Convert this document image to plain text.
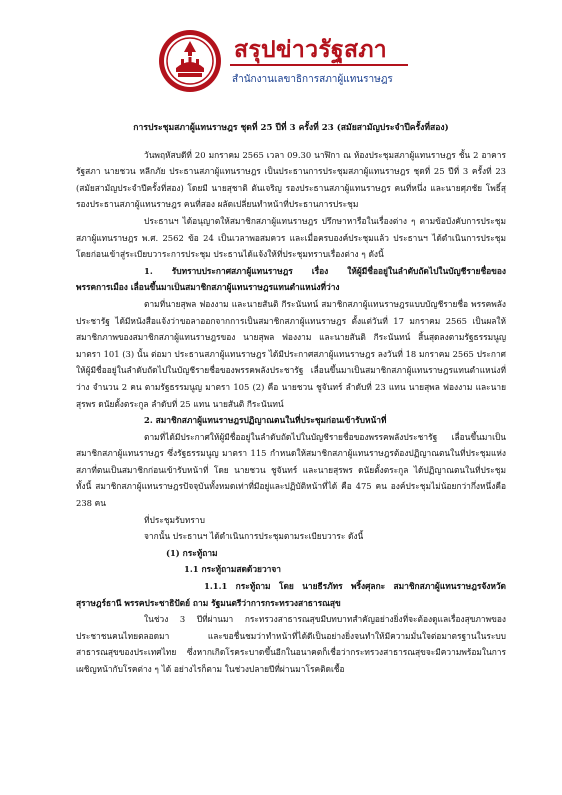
สรุปข่าวรัฐสภา
สำนักงานเลขาธิการสภาผู้แทนราษฎร
การประชุมสภาผู้แทนราษฎร ชุดที่ 25 ปีที่ 3 ครั้งที่ 23 (สมัยสามัญประจำปีครั้งที่สอง)

วันพฤหัสบดีที่ 20 มกราคม 2565 เวลา 09.30 นาฬิกา ณ ห้องประชุมสภาผู้แทนราษฎร ชั้น 2 อาคารรัฐสภา นายชวน หลีกภัย ประธานสภาผู้แทนราษฎร เป็นประธานการประชุมสภาผู้แทนราษฎร ชุดที่ 25 ปีที่ 3 ครั้งที่ 23 (สมัยสามัญประจำปีครั้งที่สอง) โดยมี นายสุชาติ ตันเจริญ รองประธานสภาผู้แทนราษฎร คนที่หนึ่ง และนายศุภชัย โพธิ์สุ รองประธานสภาผู้แทนราษฎร คนที่สอง ผลัดเปลี่ยนทำหน้าที่ประธานการประชุม

ประธานฯ ได้อนุญาตให้สมาชิกสภาผู้แทนราษฎร ปรึกษาหารือในเรื่องต่าง ๆ ตามข้อบังคับการประชุมสภาผู้แทนราษฎร พ.ศ. 2562 ข้อ 24 เป็นเวลาพอสมควร และเมื่อครบองค์ประชุมแล้ว ประธานฯ ได้ดำเนินการประชุม โดยก่อนเข้าสู่ระเบียบวาระการประชุม ประธานได้แจ้งให้ที่ประชุมทราบเรื่องต่าง ๆ ดังนี้

1. รับทราบประกาศสภาผู้แทนราษฎร เรื่อง ให้ผู้มีชื่ออยู่ในลำดับถัดไปในบัญชีรายชื่อของพรรคการเมือง เลื่อนขึ้นมาเป็นสมาชิกสภาผู้แทนราษฎรแทนตำแหน่งที่ว่าง

ตามที่นายสุพล ฟองงาม และนายสันติ กีระนันทน์ สมาชิกสภาผู้แทนราษฎรแบบบัญชีรายชื่อ พรรคพลังประชารัฐ ได้มีหนังสือแจ้งว่าขอลาออกจากการเป็นสมาชิกสภาผู้แทนราษฎร ตั้งแต่วันที่ 17 มกราคม 2565 เป็นผลให้สมาชิกภาพของสมาชิกสภาผู้แทนราษฎรของ นายสุพล ฟองงาม และนายสันติ กีระนันทน์ สิ้นสุดลงตามรัฐธรรมนูญ มาตรา 101 (3) นั้น ต่อมา ประธานสภาผู้แทนราษฎร ได้มีประกาศสภาผู้แทนราษฎร ลงวันที่ 18 มกราคม 2565 ประกาศให้ผู้มีชื่ออยู่ในลำดับถัดไปในบัญชีรายชื่อของพรรคพลังประชารัฐ เลื่อนขึ้นมาเป็นสมาชิกสภาผู้แทนราษฎรแทนตำแหน่งที่ว่าง จำนวน 2 คน ตามรัฐธรรมนูญ มาตรา 105 (2) คือ นายชวน ชูจันทร์ ลำดับที่ 23 แทน นายสุพล ฟองงาม และนายสุรพร ดนัยตั้งตระกูล ลำดับที่ 25 แทน นายสันติ กีระนันทน์

2. สมาชิกสภาผู้แทนราษฎรปฏิญาณตนในที่ประชุมก่อนเข้ารับหน้าที่

ตามที่ได้มีประกาศให้ผู้มีชื่ออยู่ในลำดับถัดไปในบัญชีรายชื่อของพรรคพลังประชารัฐ เลื่อนขึ้นมาเป็นสมาชิกสภาผู้แทนราษฎร ซึ่งรัฐธรรมนูญ มาตรา 115 กำหนดให้สมาชิกสภาผู้แทนราษฎรต้องปฏิญาณตนในที่ประชุมแห่งสภาที่ตนเป็นสมาชิกก่อนเข้ารับหน้าที่ โดย นายชวน ชูจันทร์ และนายสุรพร ดนัยตั้งตระกูล ได้ปฏิญาณตนในที่ประชุม ทั้งนี้ สมาชิกสภาผู้แทนราษฎรปัจจุบันทั้งหมดเท่าที่มีอยู่และปฏิบัติหน้าที่ได้ คือ 475 คน องค์ประชุมไม่น้อยกว่ากึ่งหนึ่งคือ 238 คน

ที่ประชุมรับทราบ

จากนั้น ประธานฯ ได้ดำเนินการประชุมตามระเบียบวาระ ดังนี้

(1) กระทู้ถาม

1.1 กระทู้ถามสดด้วยวาจา

1.1.1 กระทู้ถาม โดย นายธีรภัทร พริ้งศุลกะ สมาชิกสภาผู้แทนราษฎรจังหวัดสุราษฎร์ธานี พรรคประชาธิปัตย์ ถาม รัฐมนตรีว่าการกระทรวงสาธารณสุข

ในช่วง 3 ปีที่ผ่านมา กระทรวงสาธารณสุขมีบทบาทสำคัญอย่างยิ่งที่จะต้องดูแลเรื่องสุขภาพของประชาชนคนไทยตลอดมา และขอชื่นชมว่าทำหน้าที่ได้ดีเป็นอย่างยิ่งจนทำให้มีความมั่นใจต่อมาตรฐานในระบบสาธารณสุขของประเทศไทย ซึ่งหากเกิดโรคระบาดขึ้นอีกในอนาคตก็เชื่อว่ากระทรวงสาธารณสุขจะมีความพร้อมในการเผชิญหน้ากับโรคต่าง ๆ ได้ อย่างไรก็ตาม ในช่วงปลายปีที่ผ่านมาโรคติดเชื้อ
